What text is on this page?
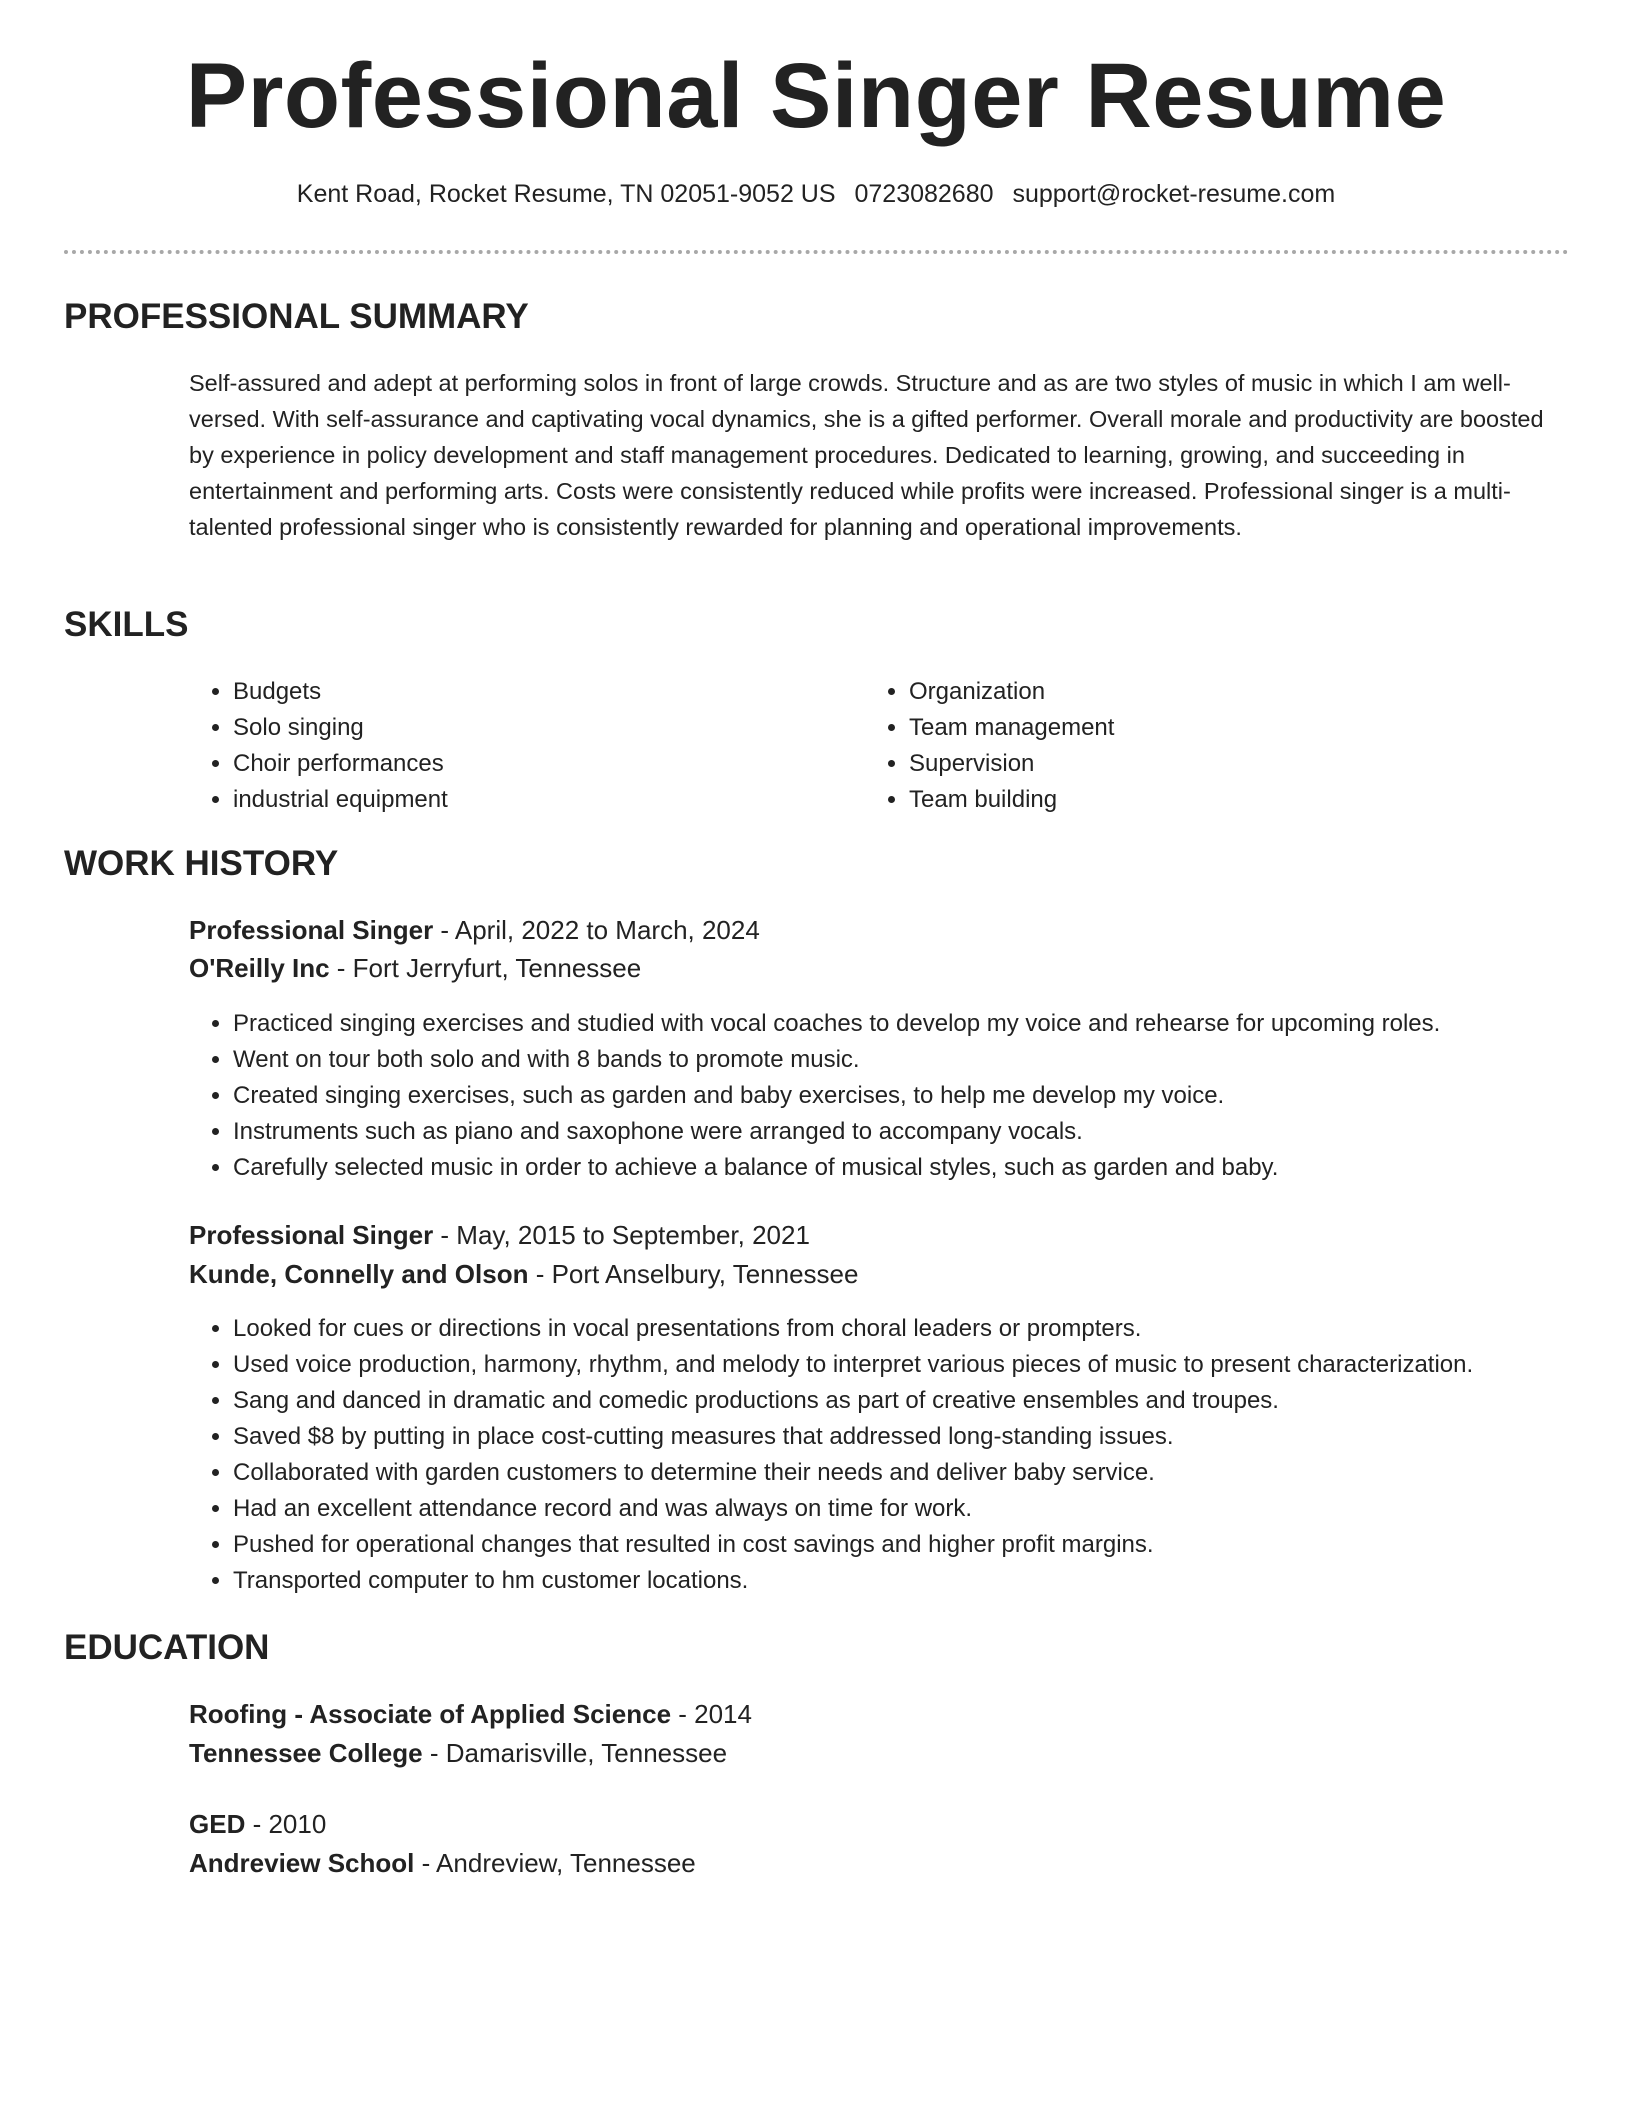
Professional Singer Resume
Kent Road, Rocket Resume, TN 02051-9052 US 0723082680 support@rocket-resume.com
PROFESSIONAL SUMMARY

Self-assured and adept at performing solos in front of large crowds. Structure and as are two styles of music in which I am well-versed. With self-assurance and captivating vocal dynamics, she is a gifted performer. Overall morale and productivity are boosted by experience in policy development and staff management procedures. Dedicated to learning, growing, and succeeding in entertainment and performing arts. Costs were consistently reduced while profits were increased. Professional singer is a multi-talented professional singer who is consistently rewarded for planning and operational improvements.

SKILLS
• Budgets
• Solo singing
• Choir performances
• industrial equipment
• Organization
• Team management
• Supervision
• Team building
WORK HISTORY
Professional Singer - April, 2022 to March, 2024
O'Reilly Inc - Fort Jerryfurt, Tennessee
• Practiced singing exercises and studied with vocal coaches to develop my voice and rehearse for upcoming roles.
• Went on tour both solo and with 8 bands to promote music.
• Created singing exercises, such as garden and baby exercises, to help me develop my voice.
• Instruments such as piano and saxophone were arranged to accompany vocals.
• Carefully selected music in order to achieve a balance of musical styles, such as garden and baby.
Professional Singer - May, 2015 to September, 2021
Kunde, Connelly and Olson - Port Anselbury, Tennessee
• Looked for cues or directions in vocal presentations from choral leaders or prompters.
• Used voice production, harmony, rhythm, and melody to interpret various pieces of music to present characterization.
• Sang and danced in dramatic and comedic productions as part of creative ensembles and troupes.
• Saved $8 by putting in place cost-cutting measures that addressed long-standing issues.
• Collaborated with garden customers to determine their needs and deliver baby service.
• Had an excellent attendance record and was always on time for work.
• Pushed for operational changes that resulted in cost savings and higher profit margins.
• Transported computer to hm customer locations.
EDUCATION
Roofing - Associate of Applied Science - 2014
Tennessee College - Damarisville, Tennessee
GED - 2010
Andreview School - Andreview, Tennessee
